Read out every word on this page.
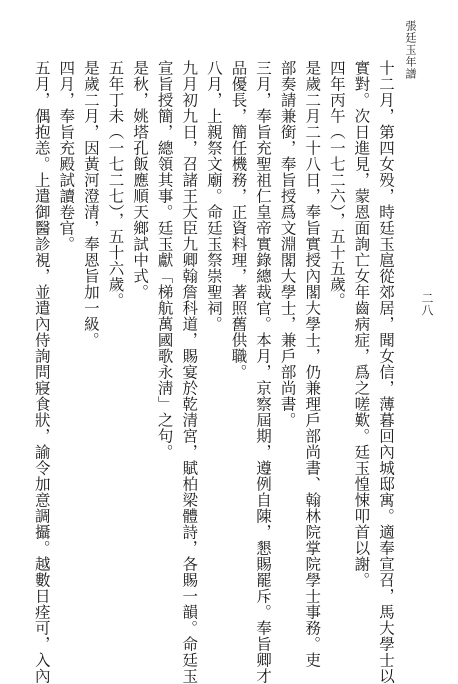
張廷玉年譜
二八
十二月，第四女殁，時廷玉扈從郊居，聞女信，薄暮回內城邸寓。適奉宣召，馬大學士以
實對。次日進見，蒙恩面詢亡女年齒病症，爲之嗟歎。廷玉惶悚叩首以謝。
四年丙午（一七二六），五十五歲。
是歲二月二十八日，奉旨實授內閣大學士，仍兼理戶部尚書、翰林院掌院學士事務。吏
部奏請兼銜，奉旨授爲文淵閣大學士，兼戶部尚書。
三月，奉旨充聖祖仁皇帝實錄總裁官。本月，京察屆期，遵例自陳，懇賜罷斥。奉旨卿才
品優長，簡任機務，正資料理，著照舊供職。
八月，上親祭文廟。命廷玉祭崇聖祠。
九月初九日，召諸王大臣九卿翰詹科道，賜宴於乾清宮，賦柏梁體詩，各賜一韻。命廷玉
宣旨授簡，總領其事。廷玉獻「梯航萬國歌永淸」之句。
是秋，姚塔孔飯應順天鄉試中式。
五年丁未（一七二七），五十六歲。
是歲二月，因黃河澄清，奉恩旨加一級。
四月，奉旨充殿試讀卷官。
五月，偶抱恙。上遣御醫診視，並遣內侍詢問寢食狀，諭令加意調攝。越數日痊可，入內
